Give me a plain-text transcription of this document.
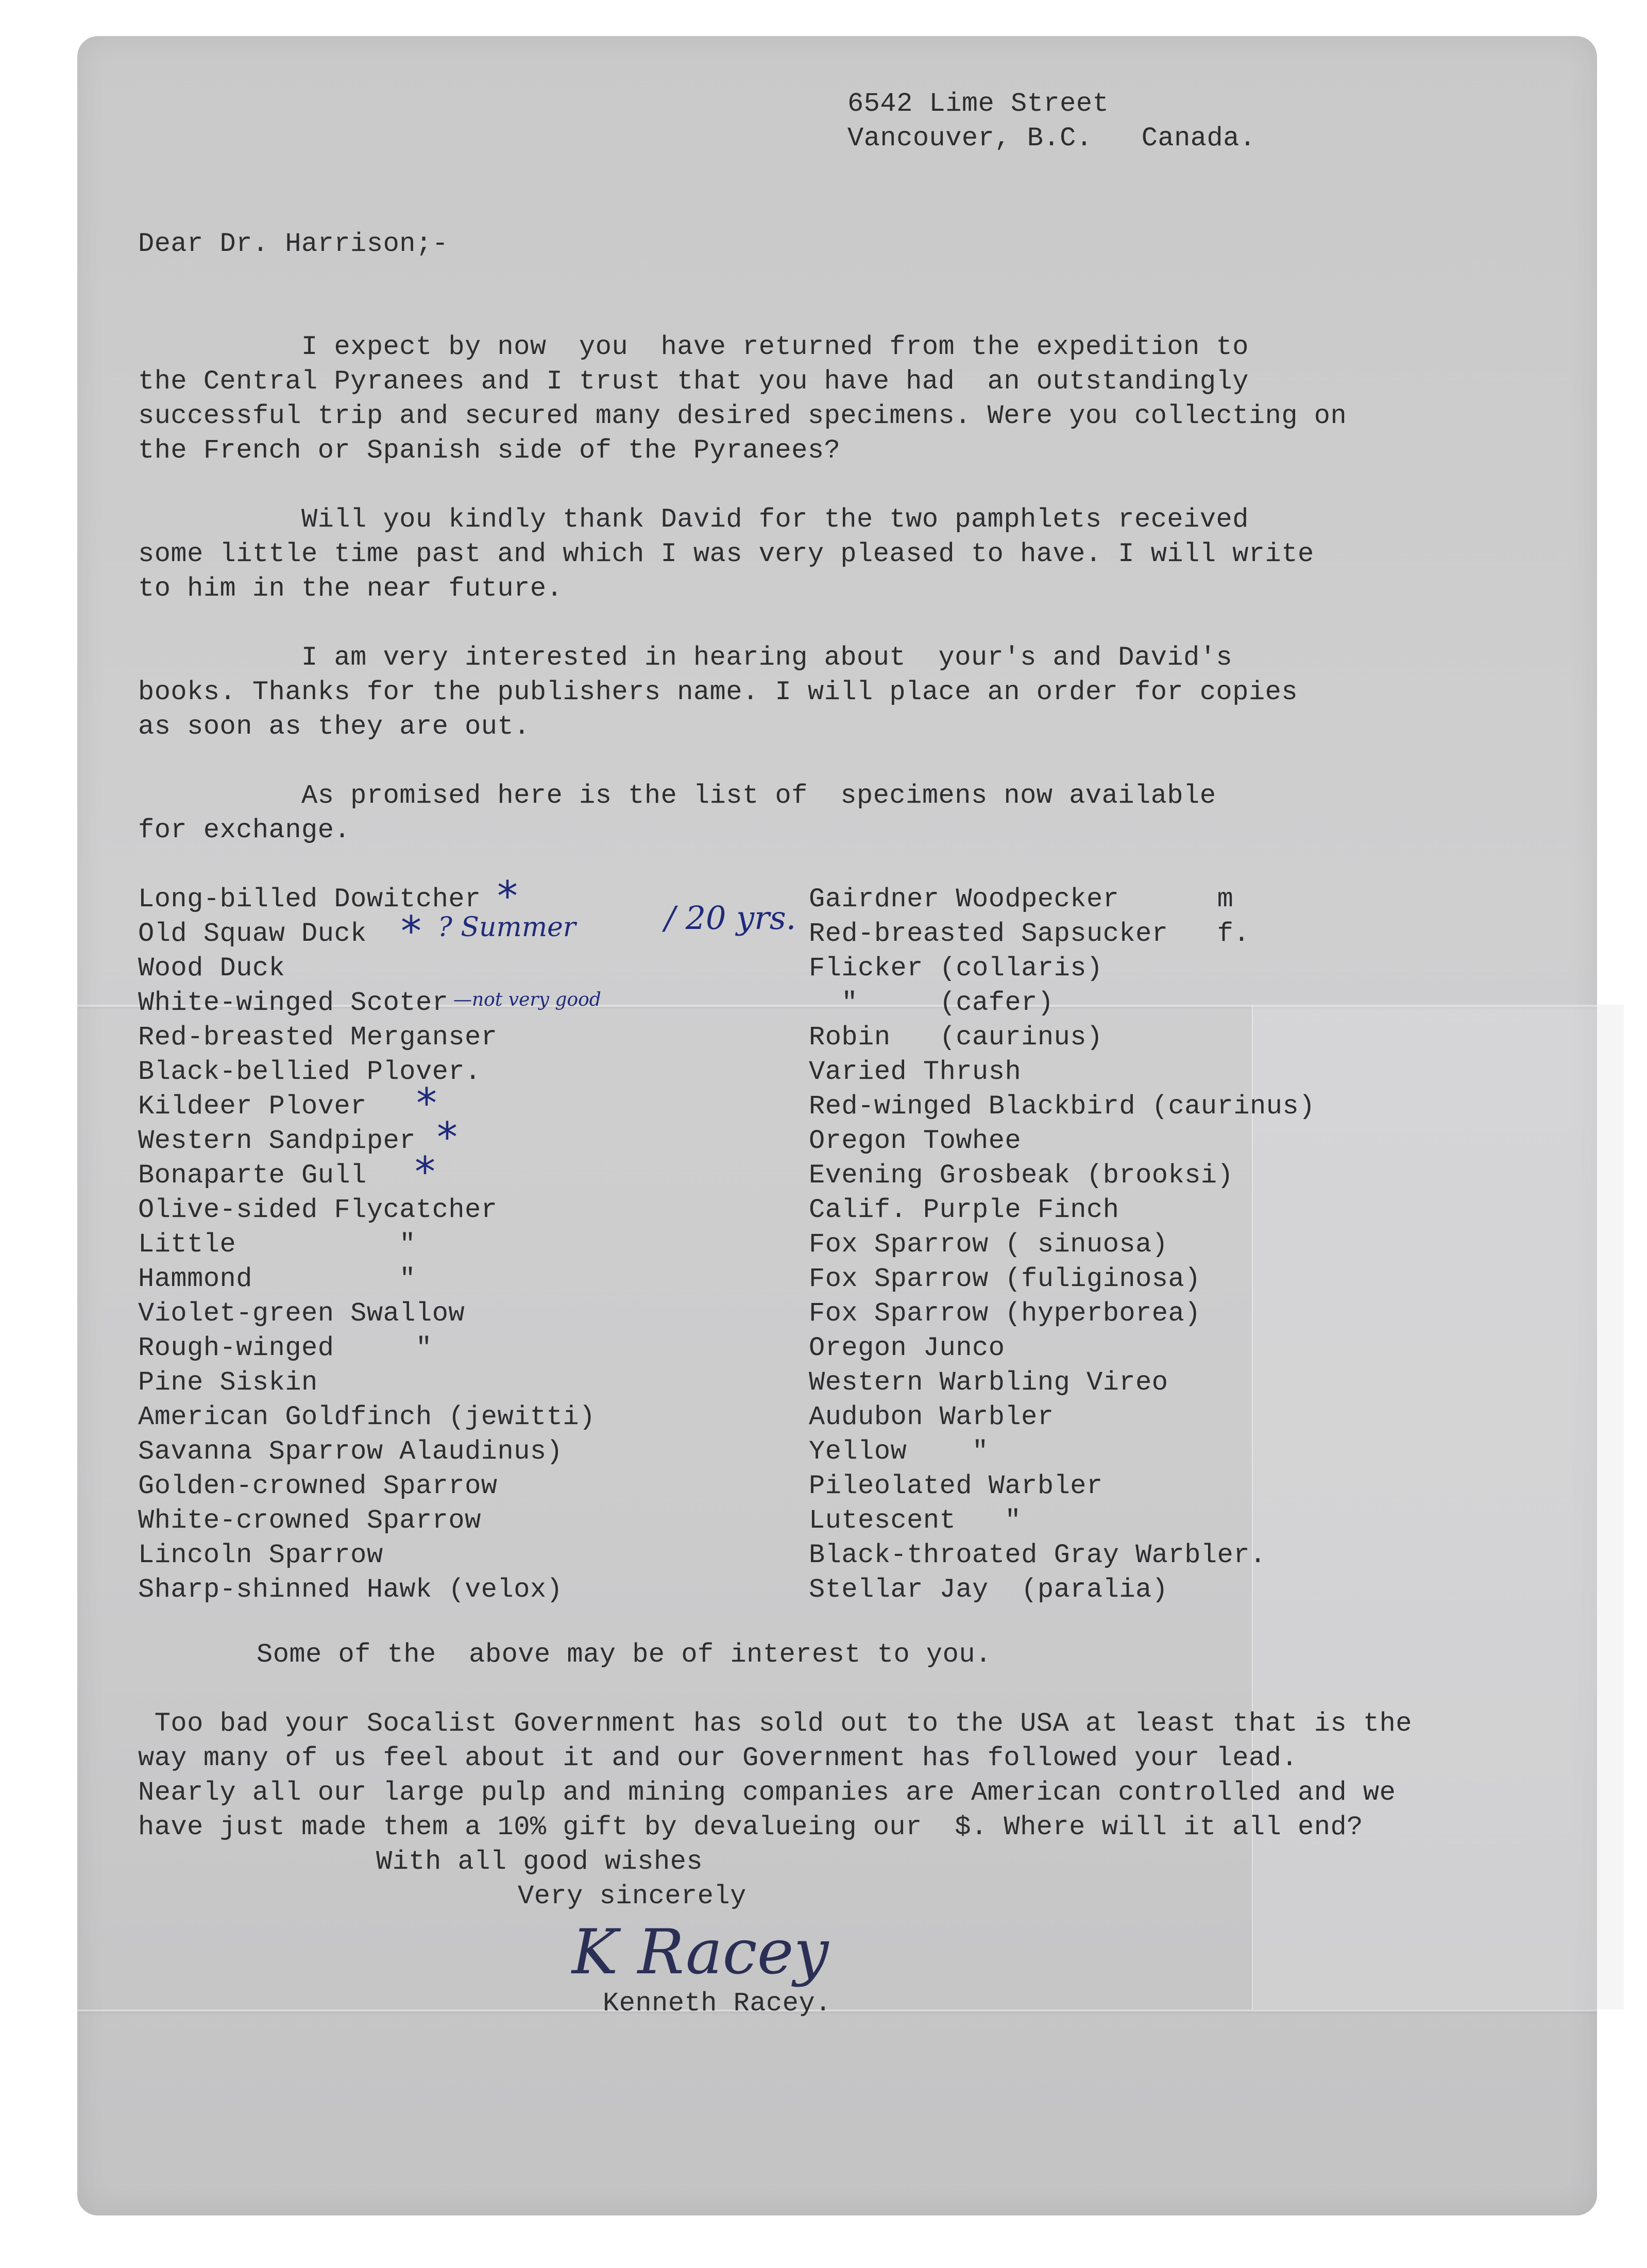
6542 Lime Street
Vancouver, B.C.   Canada.
Dear Dr. Harrison;-
I expect by now  you  have returned from the expedition to
the Central Pyranees and I trust that you have had  an outstandingly
successful trip and secured many desired specimens. Were you collecting on
the French or Spanish side of the Pyranees?
Will you kindly thank David for the two pamphlets received
some little time past and which I was very pleased to have. I will write
to him in the near future.
I am very interested in hearing about  your's and David's
books. Thanks for the publishers name. I will place an order for copies
as soon as they are out.
As promised here is the list of  specimens now available
for exchange.
Long-billed Dowitcher
Old Squaw Duck
Wood Duck
White-winged Scoter
Red-breasted Merganser
Black-bellied Plover.
Kildeer Plover
Western Sandpiper
Bonaparte Gull
Olive-sided Flycatcher
Little          "
Hammond         "
Violet-green Swallow
Rough-winged     "
Pine Siskin
American Goldfinch (jewitti)
Savanna Sparrow Alaudinus)
Golden-crowned Sparrow
White-crowned Sparrow
Lincoln Sparrow
Sharp-shinned Hawk (velox)
Gairdner Woodpecker      m
Red-breasted Sapsucker   f.
Flicker (collaris)
"     (cafer)
Robin   (caurinus)
Varied Thrush
Red-winged Blackbird (caurinus)
Oregon Towhee
Evening Grosbeak (brooksi)
Calif. Purple Finch
Fox Sparrow ( sinuosa)
Fox Sparrow (fuliginosa)
Fox Sparrow (hyperborea)
Oregon Junco
Western Warbling Vireo
Audubon Warbler
Yellow    "
Pileolated Warbler
Lutescent   "
Black-throated Gray Warbler.
Stellar Jay  (paralia)
*
* ? Summer	/ 20 yrs.
—not very good
*
*
*
Some of the  above may be of interest to you.
Too bad your Socalist Government has sold out to the USA at least that is the
way many of us feel about it and our Government has followed your lead.
Nearly all our large pulp and mining companies are American controlled and we
have just made them a 10% gift by devalueing our  $. Where will it all end?
With all good wishes
Very sincerely
K Racey
Kenneth Racey.
